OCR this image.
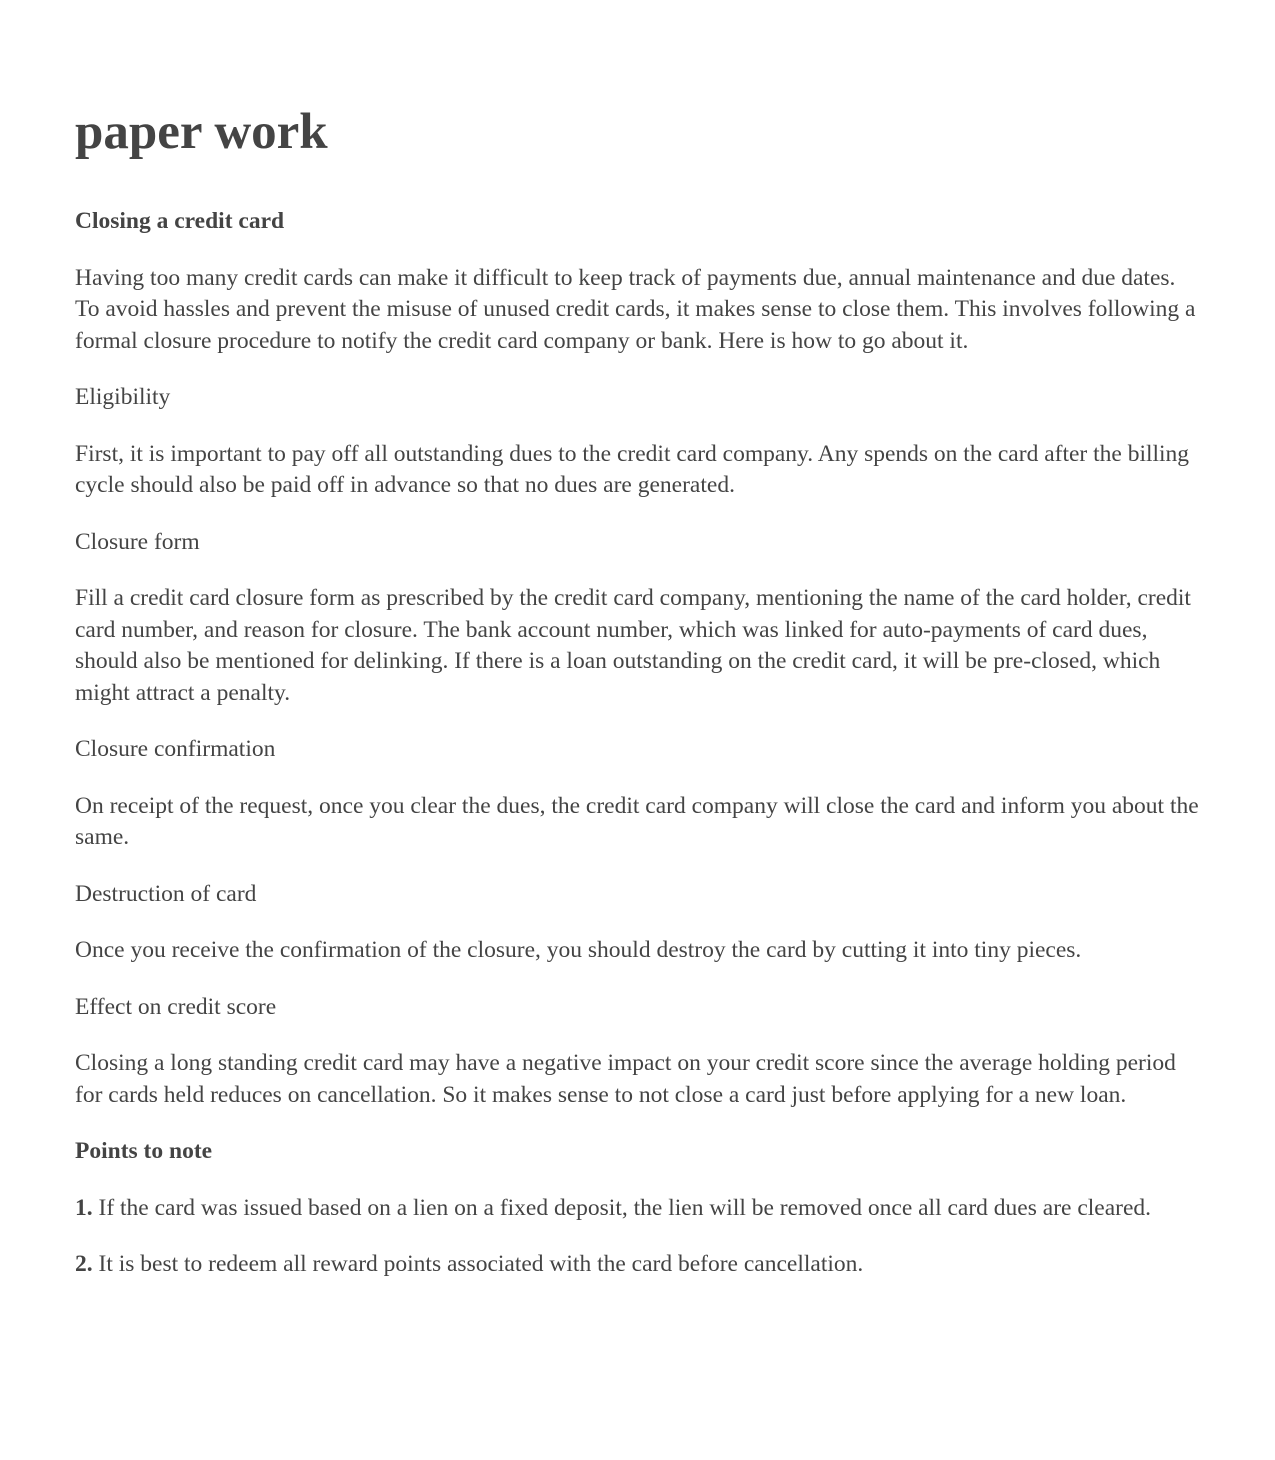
paper work

Closing a credit card

Having too many credit cards can make it difficult to keep track of payments due, annual maintenance and due dates. To avoid hassles and prevent the misuse of unused credit cards, it makes sense to close them. This involves following a formal closure procedure to notify the credit card company or bank. Here is how to go about it.

Eligibility

First, it is important to pay off all outstanding dues to the credit card company. Any spends on the card after the billing cycle should also be paid off in advance so that no dues are generated.

Closure form

Fill a credit card closure form as prescribed by the credit card company, mentioning the name of the card holder, credit card number, and reason for closure. The bank account number, which was linked for auto-payments of card dues, should also be mentioned for delinking. If there is a loan outstanding on the credit card, it will be pre-closed, which might attract a penalty.

Closure confirmation

On receipt of the request, once you clear the dues, the credit card company will close the card and inform you about the same.

Destruction of card

Once you receive the confirmation of the closure, you should destroy the card by cutting it into tiny pieces.

Effect on credit score

Closing a long standing credit card may have a negative impact on your credit score since the average holding period for cards held reduces on cancellation. So it makes sense to not close a card just before applying for a new loan.

Points to note

1. If the card was issued based on a lien on a fixed deposit, the lien will be removed once all card dues are cleared.

2. It is best to redeem all reward points associated with the card before cancellation.
